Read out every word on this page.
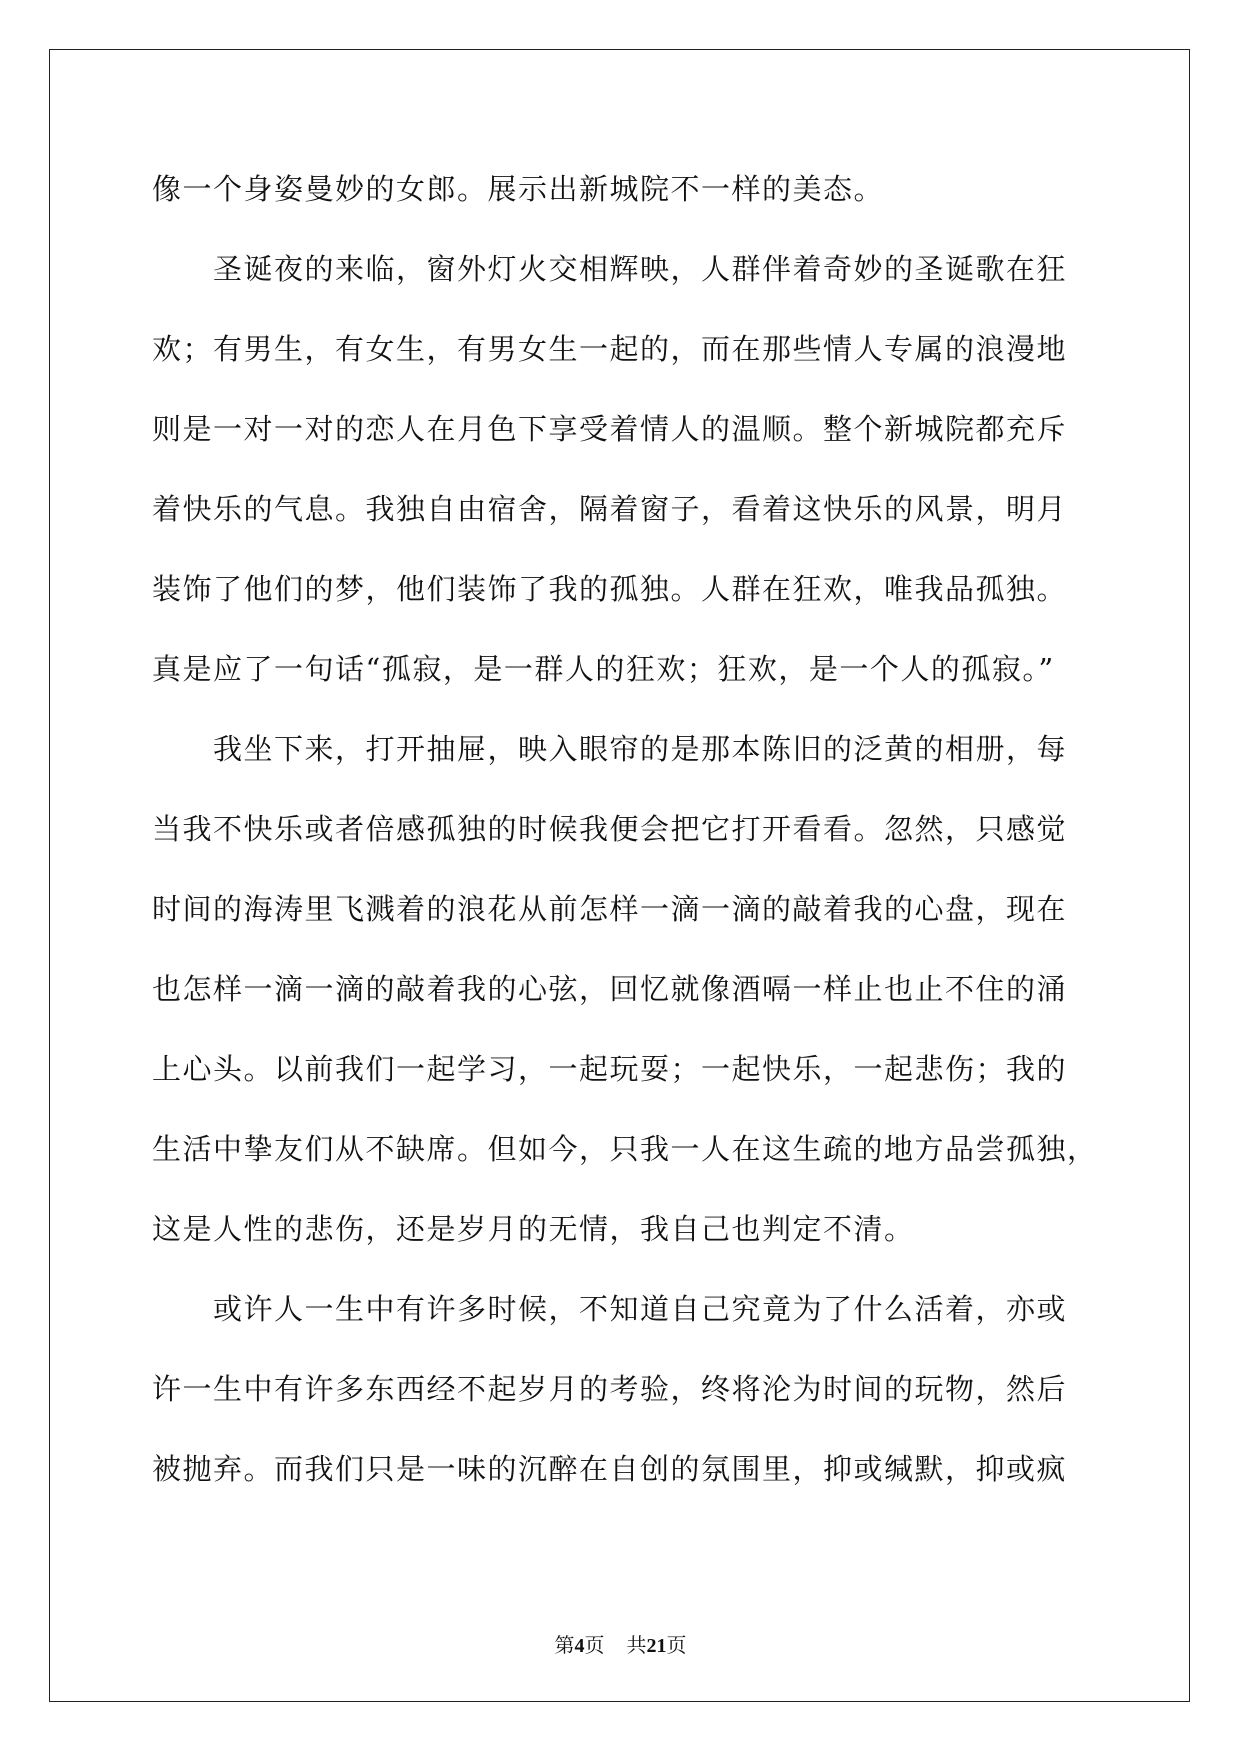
像一个身姿曼妙的女郎。展示出新城院不一样的美态。
圣诞夜的来临，窗外灯火交相辉映，人群伴着奇妙的圣诞歌在狂
欢；有男生，有女生，有男女生一起的，而在那些情人专属的浪漫地
则是一对一对的恋人在月色下享受着情人的温顺。整个新城院都充斥
着快乐的气息。我独自由宿舍，隔着窗子，看着这快乐的风景，明月
装饰了他们的梦，他们装饰了我的孤独。人群在狂欢，唯我品孤独。
真是应了一句话“孤寂，是一群人的狂欢；狂欢，是一个人的孤寂。”
我坐下来，打开抽屉，映入眼帘的是那本陈旧的泛黄的相册，每
当我不快乐或者倍感孤独的时候我便会把它打开看看。忽然，只感觉
时间的海涛里飞溅着的浪花从前怎样一滴一滴的敲着我的心盘，现在
也怎样一滴一滴的敲着我的心弦，回忆就像酒嗝一样止也止不住的涌
上心头。以前我们一起学习，一起玩耍；一起快乐，一起悲伤；我的
生活中挚友们从不缺席。但如今，只我一人在这生疏的地方品尝孤独，
这是人性的悲伤，还是岁月的无情，我自己也判定不清。
或许人一生中有许多时候，不知道自己究竟为了什么活着，亦或
许一生中有许多东西经不起岁月的考验，终将沦为时间的玩物，然后
被抛弃。而我们只是一味的沉醉在自创的氛围里，抑或缄默，抑或疯
第4页 共21页
